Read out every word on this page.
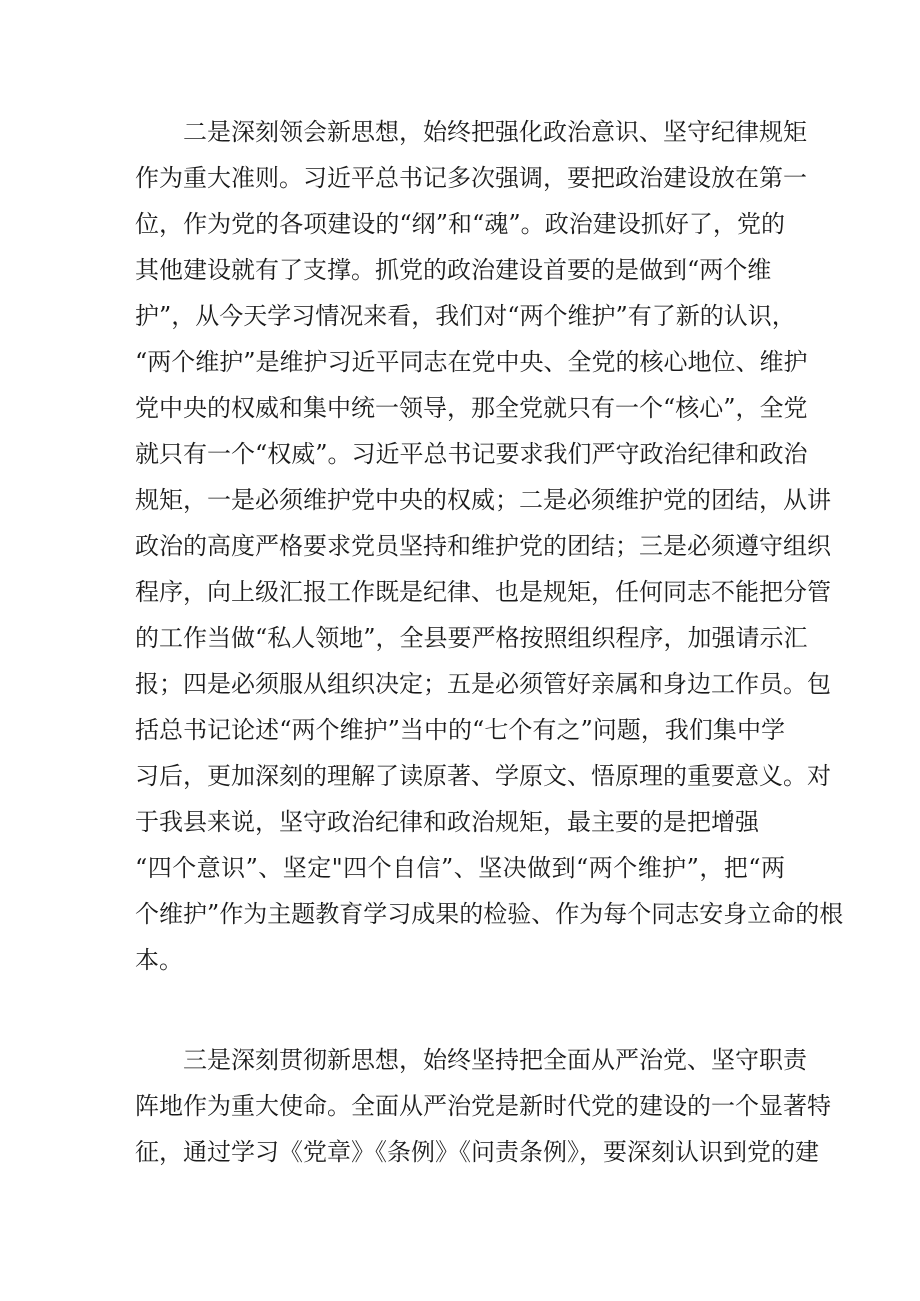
二是深刻领会新思想，始终把强化政治意识、坚守纪律规矩
作为重大准则。习近平总书记多次强调，要把政治建设放在第一
位，作为党的各项建设的“纲”和“魂”。政治建设抓好了，党的
其他建设就有了支撑。抓党的政治建设首要的是做到“两个维
护”，从今天学习情况来看，我们对“两个维护”有了新的认识，
“两个维护”是维护习近平同志在党中央、全党的核心地位、维护
党中央的权威和集中统一领导，那全党就只有一个“核心”，全党
就只有一个“权威”。习近平总书记要求我们严守政治纪律和政治
规矩，一是必须维护党中央的权威；二是必须维护党的团结，从讲
政治的高度严格要求党员坚持和维护党的团结；三是必须遵守组织
程序，向上级汇报工作既是纪律、也是规矩，任何同志不能把分管
的工作当做“私人领地”，全县要严格按照组织程序，加强请示汇
报；四是必须服从组织决定；五是必须管好亲属和身边工作员。包
括总书记论述“两个维护”当中的“七个有之”问题，我们集中学
习后，更加深刻的理解了读原著、学原文、悟原理的重要意义。对
于我县来说，坚守政治纪律和政治规矩，最主要的是把增强
“四个意识”、坚定"四个自信”、坚决做到“两个维护”，把“两
个维护”作为主题教育学习成果的检验、作为每个同志安身立命的根
本。
三是深刻贯彻新思想，始终坚持把全面从严治党、坚守职责
阵地作为重大使命。全面从严治党是新时代党的建设的一个显著特
征，通过学习《党章》《条例》《问责条例》，要深刻认识到党的建
